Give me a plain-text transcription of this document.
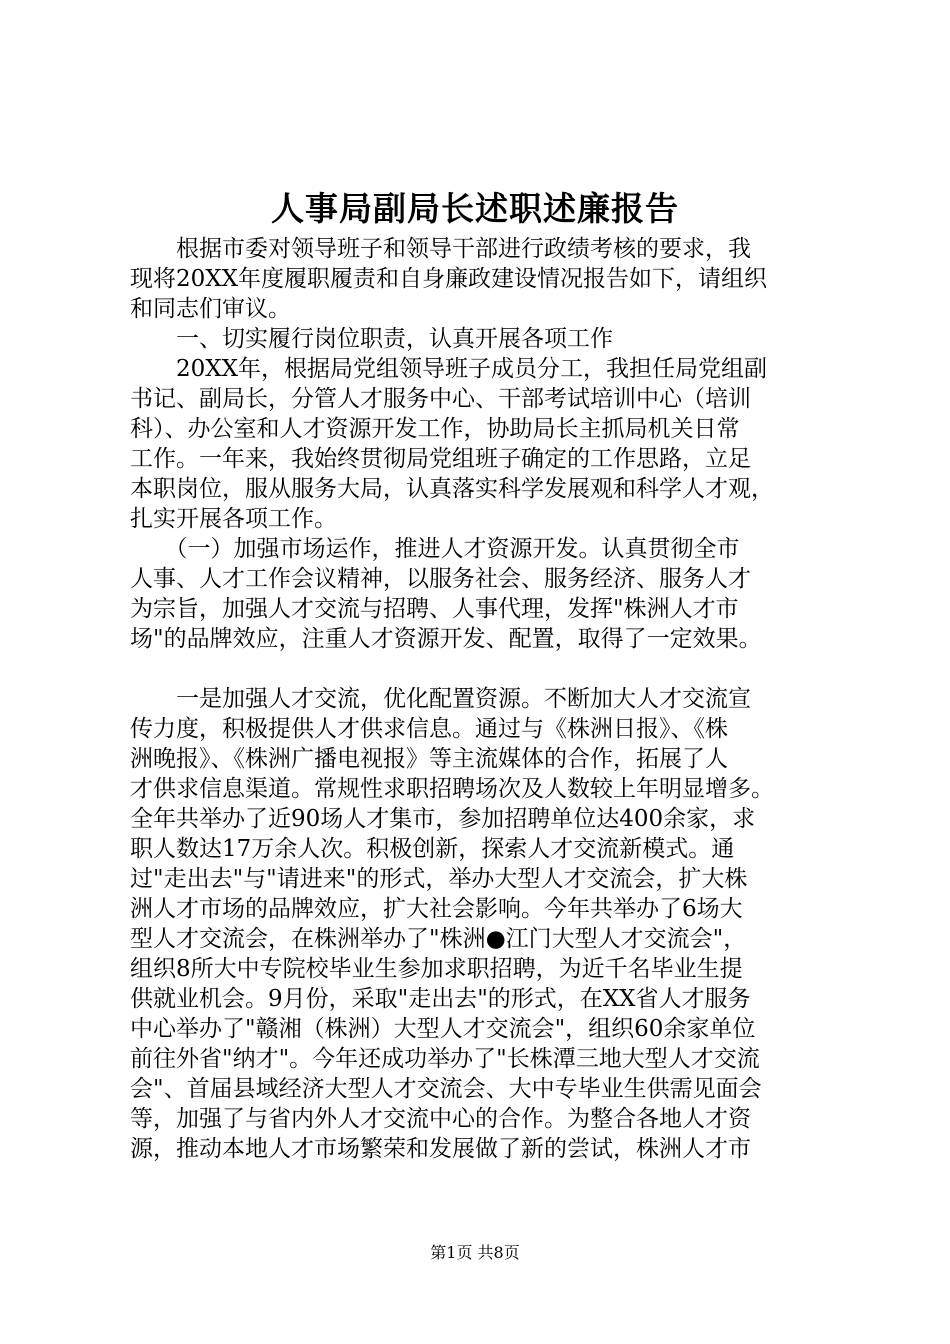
人事局副局长述职述廉报告
　　根据市委对领导班子和领导干部进行政绩考核的要求，我
现将20XX年度履职履责和自身廉政建设情况报告如下，请组织
和同志们审议。
　　一、切实履行岗位职责，认真开展各项工作
　　20XX年，根据局党组领导班子成员分工，我担任局党组副
书记、副局长，分管人才服务中心、干部考试培训中心（培训
科）、办公室和人才资源开发工作，协助局长主抓局机关日常
工作。一年来，我始终贯彻局党组班子确定的工作思路，立足
本职岗位，服从服务大局，认真落实科学发展观和科学人才观，
扎实开展各项工作。
　　（一）加强市场运作，推进人才资源开发。认真贯彻全市
人事、人才工作会议精神，以服务社会、服务经济、服务人才
为宗旨，加强人才交流与招聘、人事代理，发挥"株洲人才市
场"的品牌效应，注重人才资源开发、配置，取得了一定效果。
　　一是加强人才交流，优化配置资源。不断加大人才交流宣
传力度，积极提供人才供求信息。通过与《株洲日报》、《株
洲晚报》、《株洲广播电视报》等主流媒体的合作，拓展了人
才供求信息渠道。常规性求职招聘场次及人数较上年明显增多。
全年共举办了近90场人才集市，参加招聘单位达400余家，求
职人数达17万余人次。积极创新，探索人才交流新模式。通
过"走出去"与"请进来"的形式，举办大型人才交流会，扩大株
洲人才市场的品牌效应，扩大社会影响。今年共举办了6场大
型人才交流会，在株洲举办了"株洲●江门大型人才交流会"，
组织8所大中专院校毕业生参加求职招聘，为近千名毕业生提
供就业机会。9月份，采取"走出去"的形式，在XX省人才服务
中心举办了"赣湘（株洲）大型人才交流会"，组织60余家单位
前往外省"纳才"。今年还成功举办了"长株潭三地大型人才交流
会"、首届县域经济大型人才交流会、大中专毕业生供需见面会
等，加强了与省内外人才交流中心的合作。为整合各地人才资
源，推动本地人才市场繁荣和发展做了新的尝试，株洲人才市
第1页 共8页
